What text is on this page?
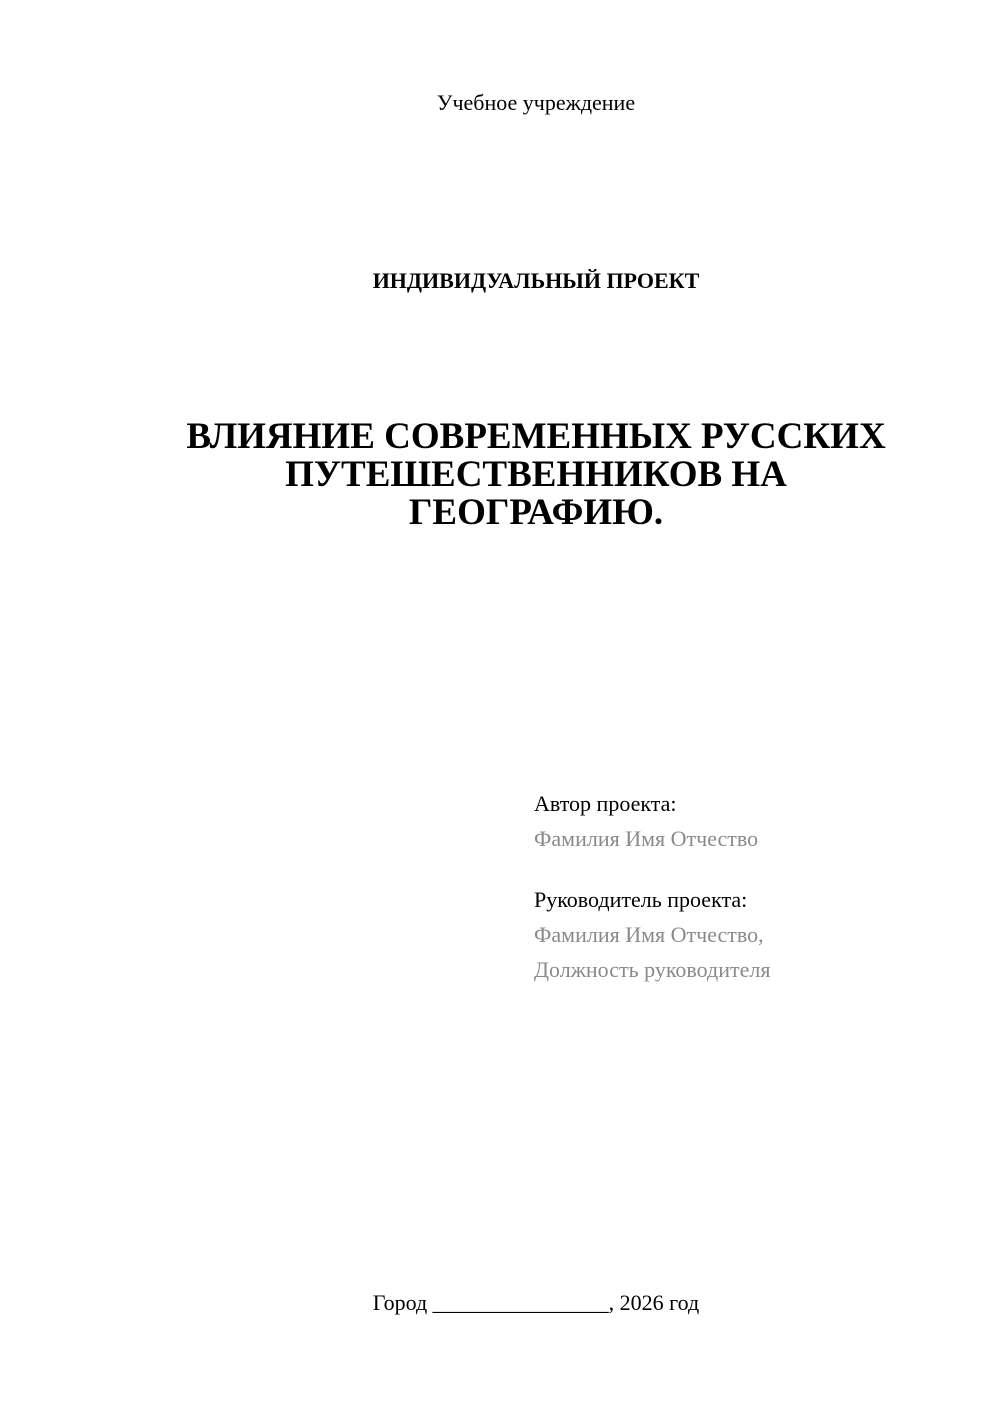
Учебное учреждение
ИНДИВИДУАЛЬНЫЙ ПРОЕКТ
ВЛИЯНИЕ СОВРЕМЕННЫХ РУССКИХ
ПУТЕШЕСТВЕННИКОВ НА
ГЕОГРАФИЮ.
Автор проекта:
Фамилия Имя Отчество
Руководитель проекта:
Фамилия Имя Отчество,
Должность руководителя
Город ________________, 2026 год
